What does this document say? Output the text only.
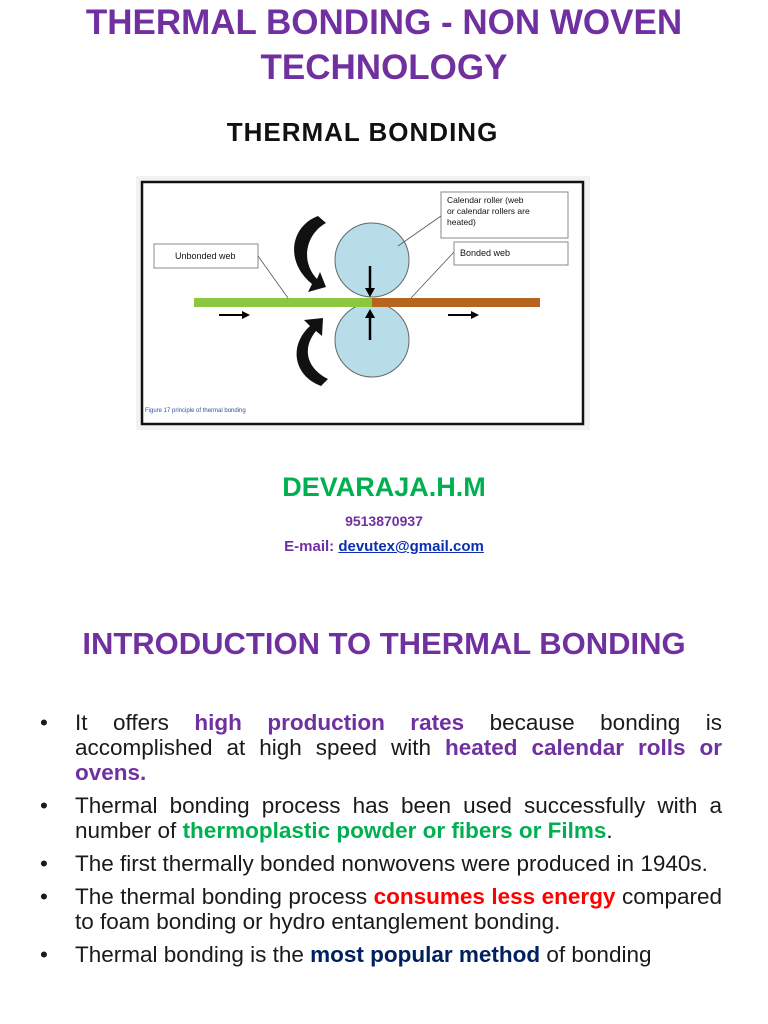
THERMAL BONDING - NON WOVEN
TECHNOLOGY
THERMAL BONDING
Calendar roller (web
or calendar rollers are
heated)
Unbonded web	Bonded web
Figure 17 principle of thermal bonding

DEVARAJA.H.M

9513870937

E-mail: devutex@gmail.com

INTRODUCTION TO THERMAL BONDING
• It offers high production rates because bonding is accomplished at high speed with heated calendar rolls or ovens.
• Thermal bonding process has been used successfully with a number of thermoplastic powder or fibers or Films.
• The first thermally bonded nonwovens were produced in 1940s.
• The thermal bonding process consumes less energy compared to foam bonding or hydro entanglement bonding.
• Thermal bonding is the most popular method of bonding
